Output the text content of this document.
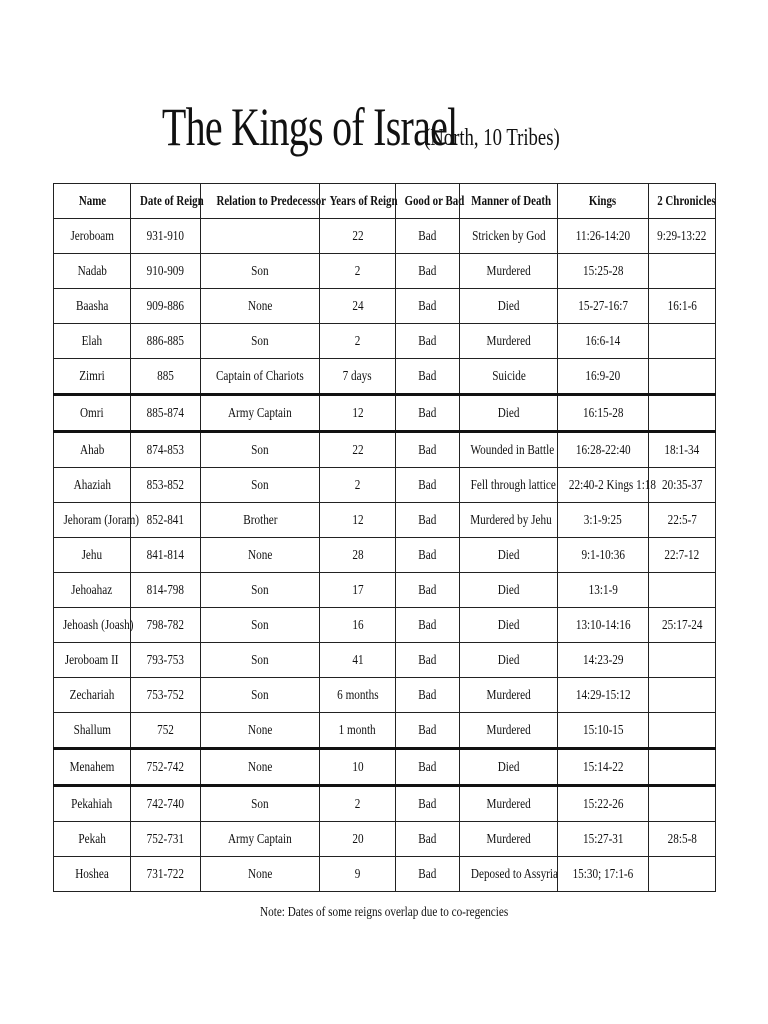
The Kings of Israel (North, 10 Tribes)
Name	Date of Reign	Relation to Predecessor	Years of Reign	Good or Bad	Manner of Death	Kings	2 Chronicles
Jeroboam	931-910		22	Bad	Stricken by God	11:26-14:20	9:29-13:22
Nadab	910-909	Son	2	Bad	Murdered	15:25-28	
Baasha	909-886	None	24	Bad	Died	15-27-16:7	16:1-6
Elah	886-885	Son	2	Bad	Murdered	16:6-14	
Zimri	885	Captain of Chariots	7 days	Bad	Suicide	16:9-20	
Omri	885-874	Army Captain	12	Bad	Died	16:15-28	
Ahab	874-853	Son	22	Bad	Wounded in Battle	16:28-22:40	18:1-34
Ahaziah	853-852	Son	2	Bad	Fell through lattice	22:40-2 Kings 1:18	20:35-37
Jehoram (Joram)	852-841	Brother	12	Bad	Murdered by Jehu	3:1-9:25	22:5-7
Jehu	841-814	None	28	Bad	Died	9:1-10:36	22:7-12
Jehoahaz	814-798	Son	17	Bad	Died	13:1-9	
Jehoash (Joash)	798-782	Son	16	Bad	Died	13:10-14:16	25:17-24
Jeroboam II	793-753	Son	41	Bad	Died	14:23-29	
Zechariah	753-752	Son	6 months	Bad	Murdered	14:29-15:12	
Shallum	752	None	1 month	Bad	Murdered	15:10-15	
Menahem	752-742	None	10	Bad	Died	15:14-22	
Pekahiah	742-740	Son	2	Bad	Murdered	15:22-26	
Pekah	752-731	Army Captain	20	Bad	Murdered	15:27-31	28:5-8
Hoshea	731-722	None	9	Bad	Deposed to Assyria	15:30; 17:1-6	
Note: Dates of some reigns overlap due to co-regencies
